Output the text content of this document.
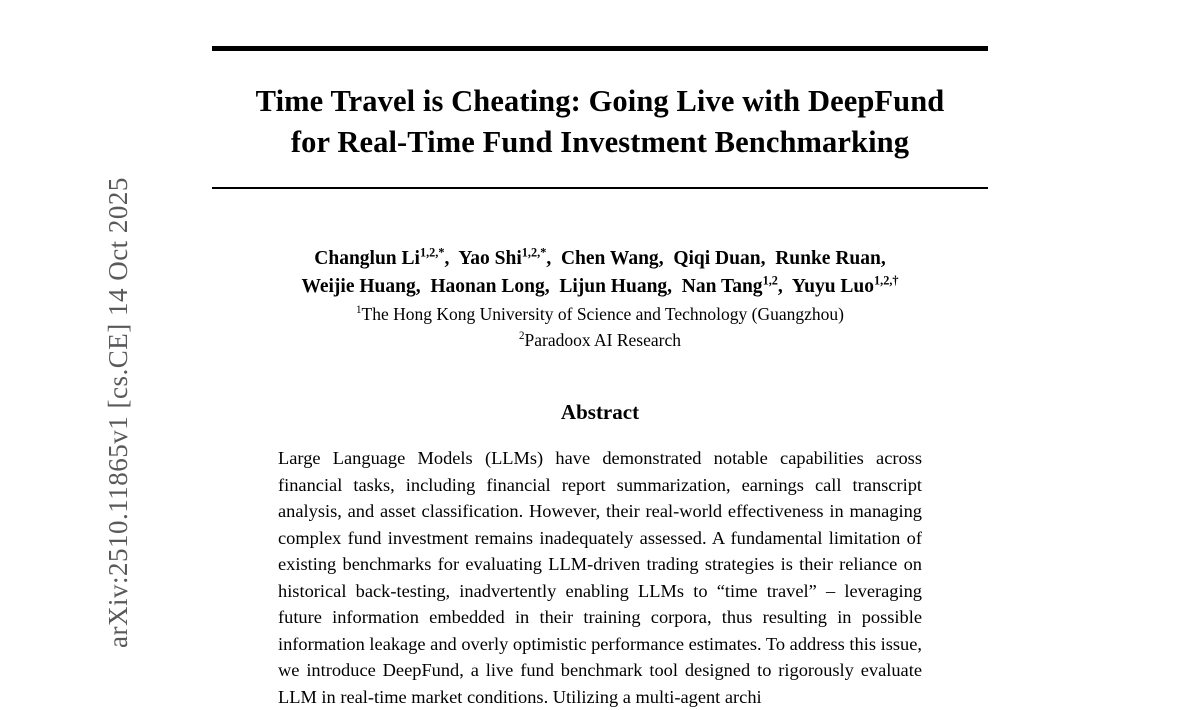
arXiv:2510.11865v1 [cs.CE] 14 Oct 2025
Time Travel is Cheating: Going Live with DeepFund
for Real-Time Fund Investment Benchmarking
Changlun $Li^{1,2,*}$,  Yao Shi$^{1,2,*}$,  Chen Wang,  Qiqi Duan,  Runke Ruan,
Weijie Huang,  Haonan Long,  Lijun Huang,  Nan Tang$^{1,2}$,  Yuyu Luo$^{1,2,\dagger}$
$^1$The Hong Kong University of Science and Technology (Guangzhou)
$^2$Paradoox AI Research
Abstract

Large Language Models (LLMs) have demonstrated notable capabilities across financial tasks, including financial report summarization, earnings call transcript analysis, and asset classification. However, their real-world effectiveness in managing complex fund investment remains inadequately assessed. A fundamental limitation of existing benchmarks for evaluating LLM-driven trading strategies is their reliance on historical back-testing, inadvertently enabling LLMs to “time travel” – leveraging future information embedded in their training corpora, thus resulting in possible information leakage and overly optimistic performance estimates. To address this issue, we introduce DeepFund, a live fund benchmark tool designed to rigorously evaluate LLM in real-time market conditions. Utilizing a multi-agent archi
